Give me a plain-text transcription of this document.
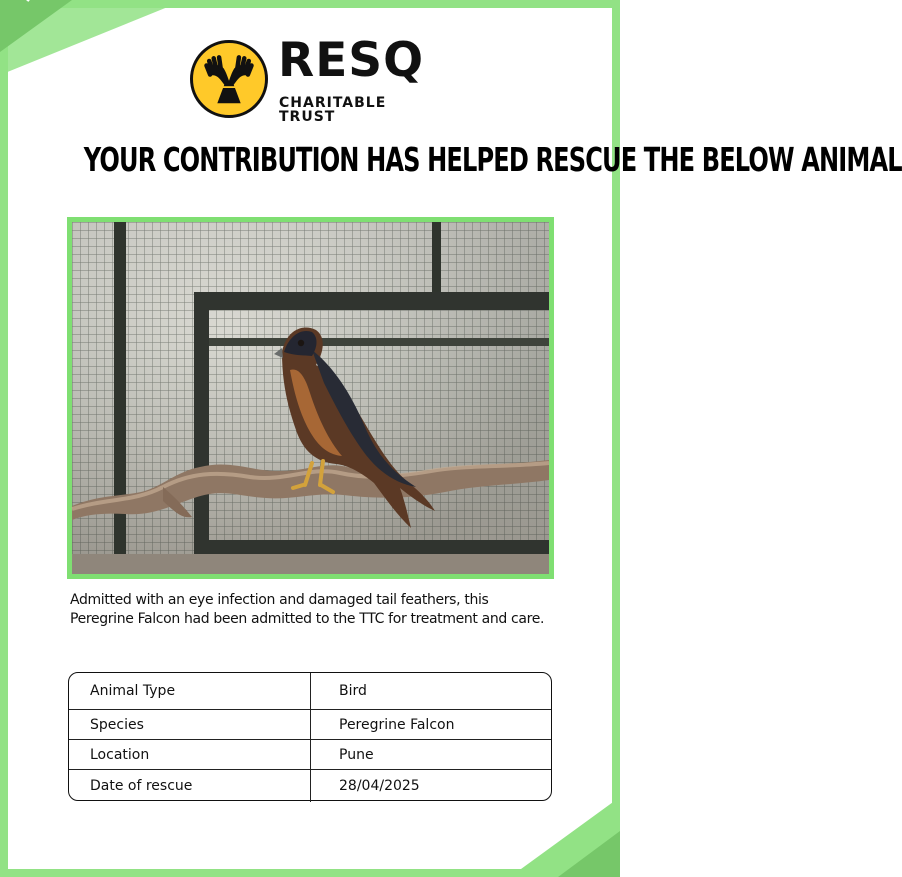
RESQ
CHARITABLE TRUST
YOUR CONTRIBUTION HAS HELPED RESCUE THE BELOW ANIMAL
Admitted with an eye infection and damaged tail feathers, this Peregrine Falcon had been admitted to the TTC for treatment and care.
Animal Type	Bird
Species	Peregrine Falcon
Location	Pune
Date of rescue	28/04/2025
